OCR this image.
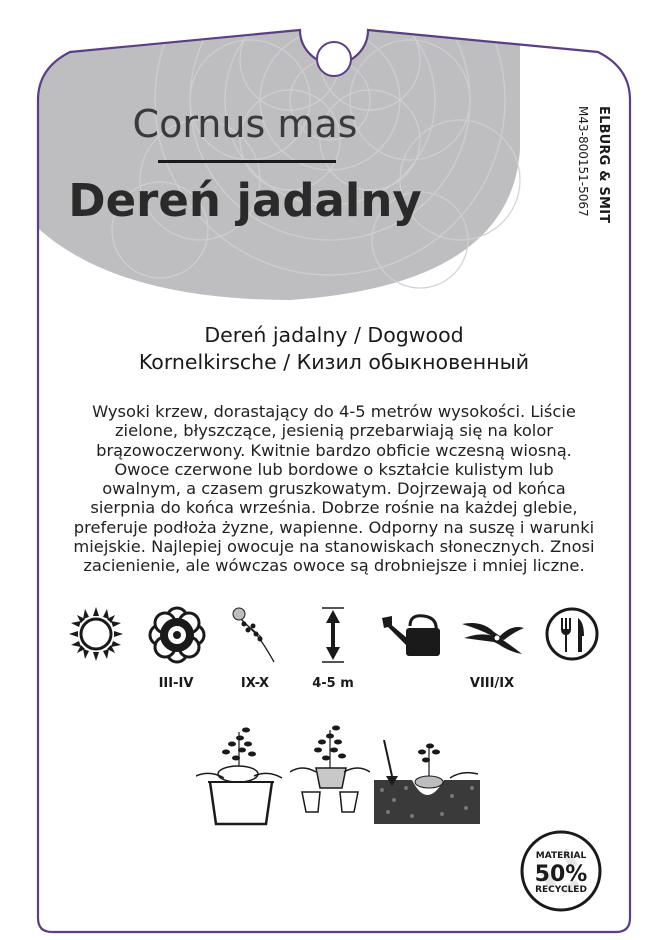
Cornus mas
Dereń jadalny	ELBURG & SMIT
M43-800151-5067
Dereń jadalny / Dogwood
Kornelkirsche / Кизил обыкновенный
Wysoki krzew, dorastający do 4-5 metrów wysokości. Liście
zielone, błyszczące, jesienią przebarwiają się na kolor
brązowoczerwony. Kwitnie bardzo obficie wczesną wiosną.
Owoce czerwone lub bordowe o kształcie kulistym lub
owalnym, a czasem gruszkowatym. Dojrzewają od końca
sierpnia do końca września. Dobrze rośnie na każdej glebie,
preferuje podłoża żyzne, wapienne. Odporny na suszę i warunki
miejskie. Najlepiej owocuje na stanowiskach słonecznych. Znosi
zacienienie, ale wówczas owoce są drobniejsze i mniej liczne.
III-IV	IX-X	4-5 m	VIII/IX
MATERIAL
50%
RECYCLED
